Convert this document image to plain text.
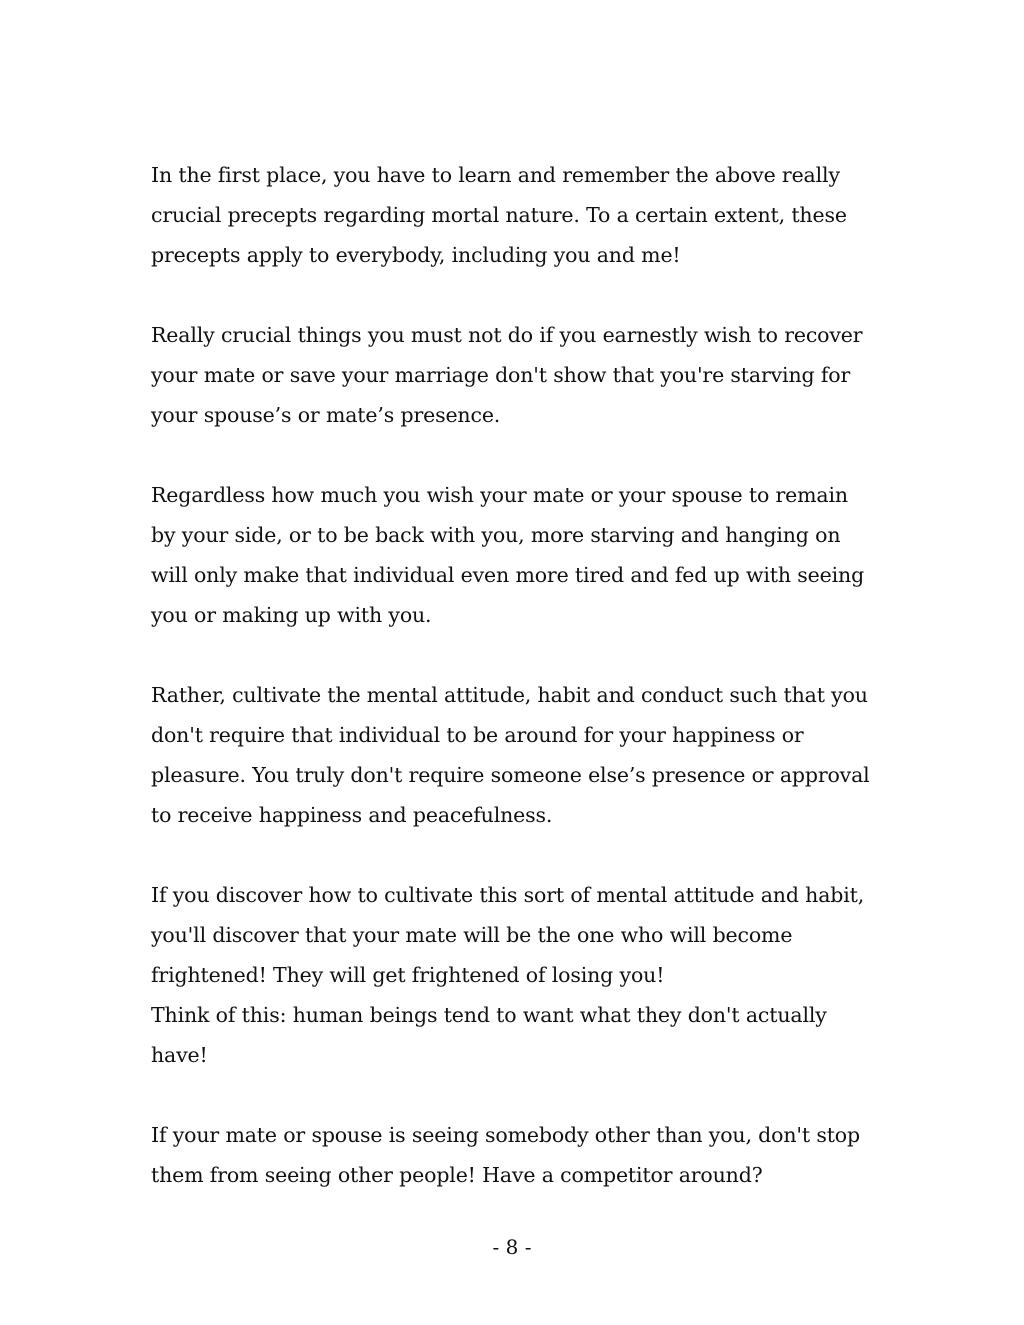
In the first place, you have to learn and remember the above really
crucial precepts regarding mortal nature. To a certain extent, these
precepts apply to everybody, including you and me!

Really crucial things you must not do if you earnestly wish to recover
your mate or save your marriage don't show that you're starving for
your spouse’s or mate’s presence.

Regardless how much you wish your mate or your spouse to remain
by your side, or to be back with you, more starving and hanging on
will only make that individual even more tired and fed up with seeing
you or making up with you.

Rather, cultivate the mental attitude, habit and conduct such that you
don't require that individual to be around for your happiness or
pleasure. You truly don't require someone else’s presence or approval
to receive happiness and peacefulness.

If you discover how to cultivate this sort of mental attitude and habit,
you'll discover that your mate will be the one who will become
frightened! They will get frightened of losing you!
Think of this: human beings tend to want what they don't actually
have!

If your mate or spouse is seeing somebody other than you, don't stop
them from seeing other people! Have a competitor around?

- 8 -
